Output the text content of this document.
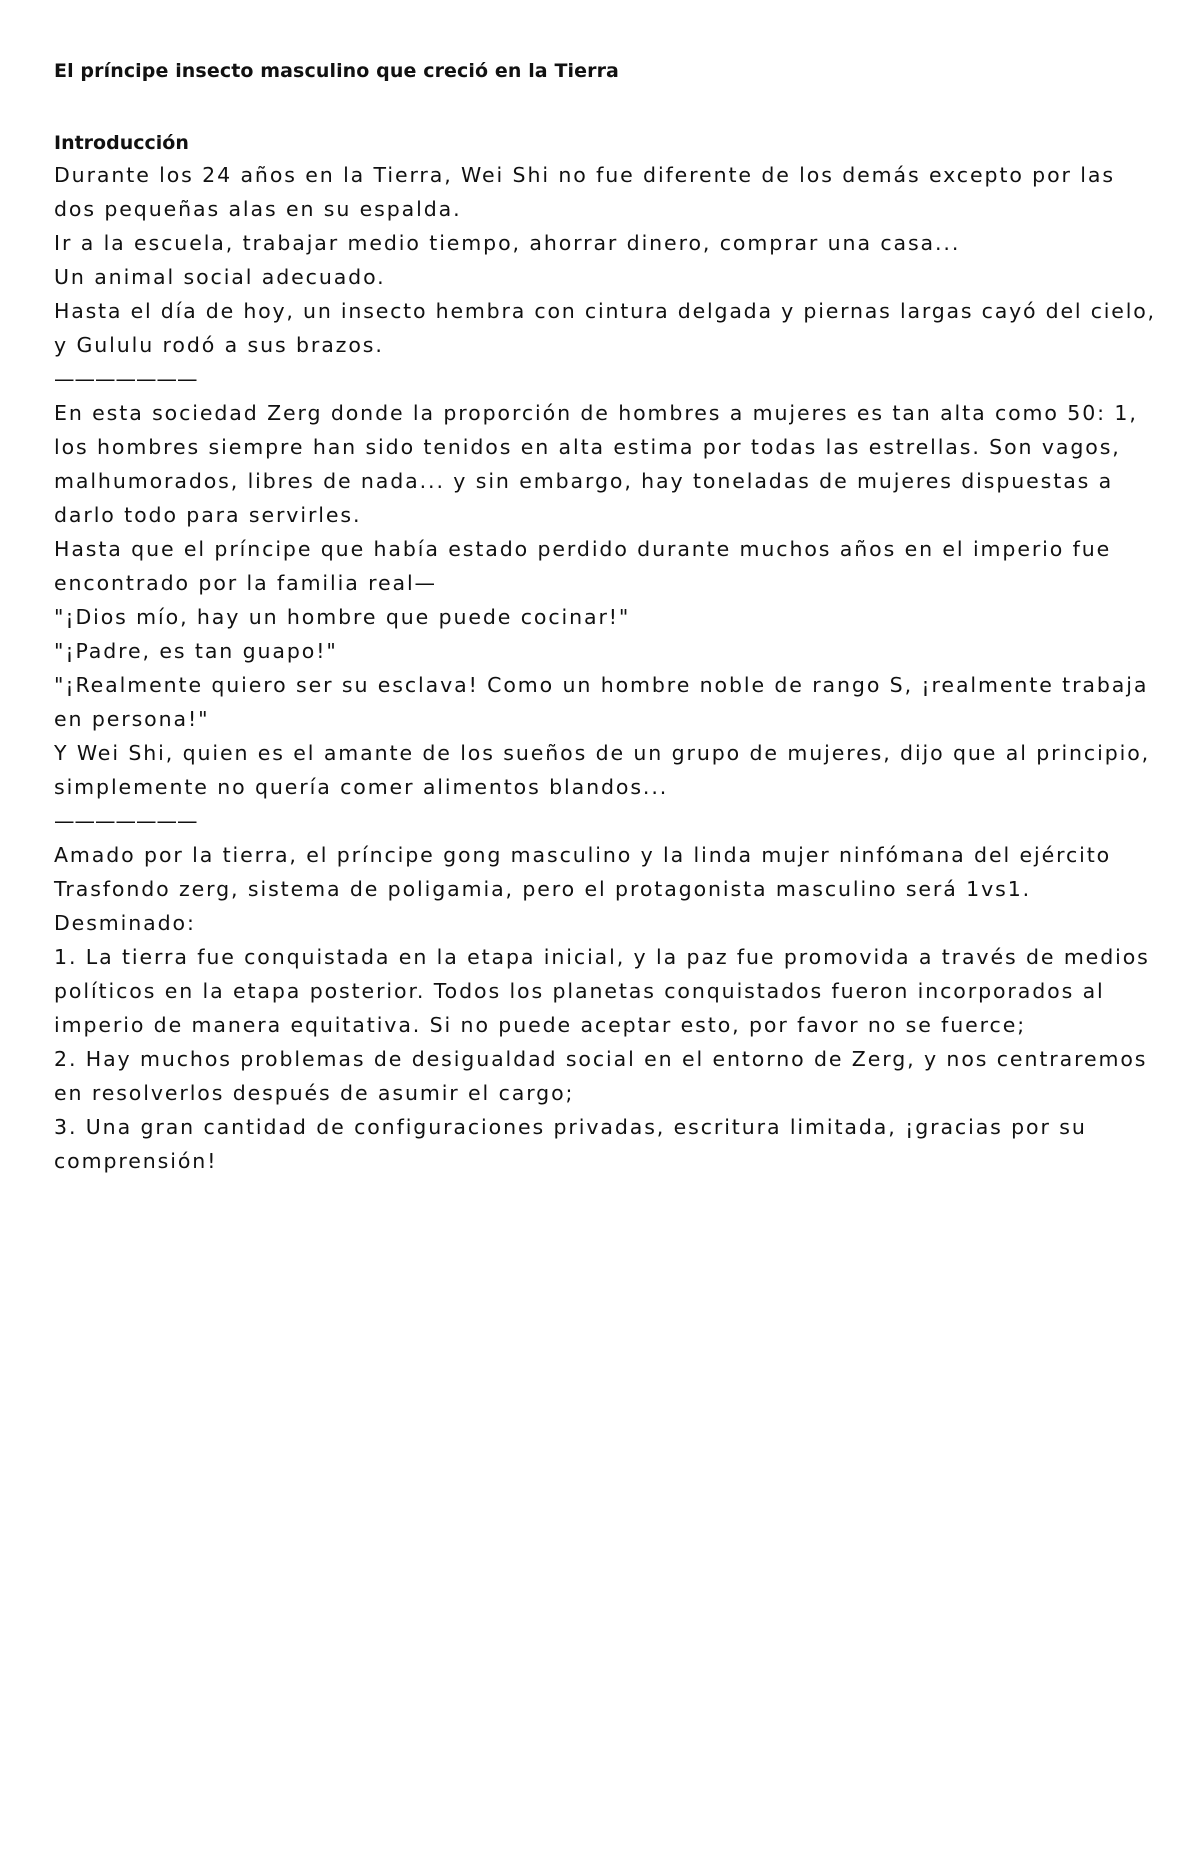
El príncipe insecto masculino que creció en la Tierra
Introducción
Durante los 24 años en la Tierra, Wei Shi no fue diferente de los demás excepto por las
dos pequeñas alas en su espalda.
Ir a la escuela, trabajar medio tiempo, ahorrar dinero, comprar una casa...
Un animal social adecuado.
Hasta el día de hoy, un insecto hembra con cintura delgada y piernas largas cayó del cielo,
y Gululu rodó a sus brazos.
———————
En esta sociedad Zerg donde la proporción de hombres a mujeres es tan alta como 50: 1,
los hombres siempre han sido tenidos en alta estima por todas las estrellas. Son vagos,
malhumorados, libres de nada... y sin embargo, hay toneladas de mujeres dispuestas a
darlo todo para servirles.
Hasta que el príncipe que había estado perdido durante muchos años en el imperio fue
encontrado por la familia real—
"¡Dios mío, hay un hombre que puede cocinar!"
"¡Padre, es tan guapo!"
"¡Realmente quiero ser su esclava! Como un hombre noble de rango S, ¡realmente trabaja
en persona!"
Y Wei Shi, quien es el amante de los sueños de un grupo de mujeres, dijo que al principio,
simplemente no quería comer alimentos blandos...
———————
Amado por la tierra, el príncipe gong masculino y la linda mujer ninfómana del ejército
Trasfondo zerg, sistema de poligamia, pero el protagonista masculino será 1vs1.
Desminado:
1. La tierra fue conquistada en la etapa inicial, y la paz fue promovida a través de medios
políticos en la etapa posterior. Todos los planetas conquistados fueron incorporados al
imperio de manera equitativa. Si no puede aceptar esto, por favor no se fuerce;
2. Hay muchos problemas de desigualdad social en el entorno de Zerg, y nos centraremos
en resolverlos después de asumir el cargo;
3. Una gran cantidad de configuraciones privadas, escritura limitada, ¡gracias por su
comprensión!
